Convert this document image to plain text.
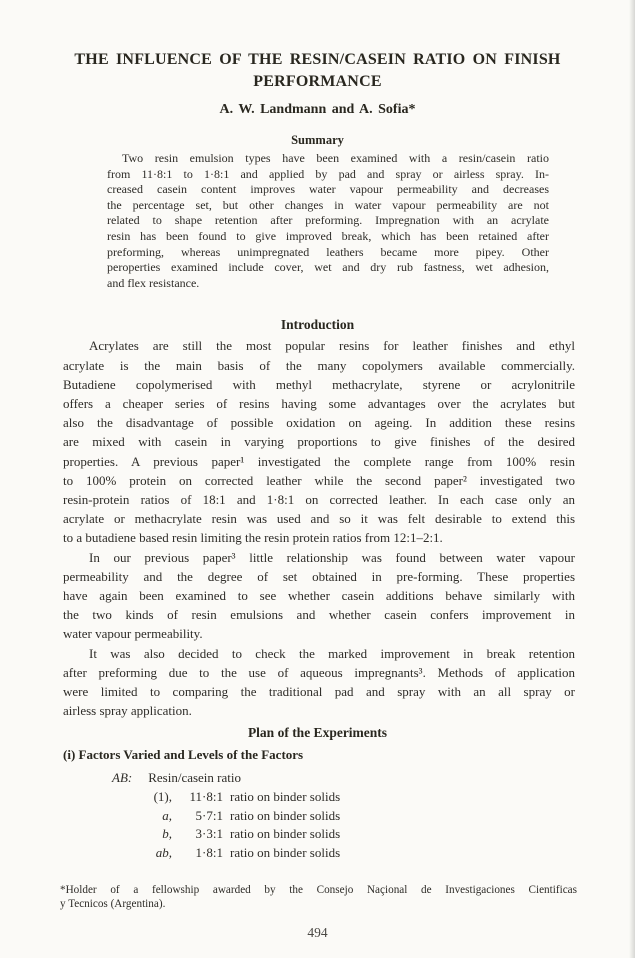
THE INFLUENCE OF THE RESIN/CASEIN RATIO ON FINISH
PERFORMANCE
A. W. Landmann and A. Sofia*
Summary
Two resin emulsion types have been examined with a resin/casein ratio
from 11·8:1 to 1·8:1 and applied by pad and spray or airless spray. In-
creased casein content improves water vapour permeability and decreases
the percentage set, but other changes in water vapour permeability are not
related to shape retention after preforming. Impregnation with an acrylate
resin has been found to give improved break, which has been retained after
preforming, whereas unimpregnated leathers became more pipey. Other
peroperties examined include cover, wet and dry rub fastness, wet adhesion,
and flex resistance.
Introduction
Acrylates are still the most popular resins for leather finishes and ethyl
acrylate is the main basis of the many copolymers available commercially.
Butadiene copolymerised with methyl methacrylate, styrene or acrylonitrile
offers a cheaper series of resins having some advantages over the acrylates but
also the disadvantage of possible oxidation on ageing. In addition these resins
are mixed with casein in varying proportions to give finishes of the desired
properties. A previous paper¹ investigated the complete range from 100% resin
to 100% protein on corrected leather while the second paper² investigated two
resin-protein ratios of 18:1 and 1·8:1 on corrected leather. In each case only an
acrylate or methacrylate resin was used and so it was felt desirable to extend this
to a butadiene based resin limiting the resin protein ratios from 12:1–2:1.
In our previous paper³ little relationship was found between water vapour
permeability and the degree of set obtained in pre-forming. These properties
have again been examined to see whether casein additions behave similarly with
the two kinds of resin emulsions and whether casein confers improvement in
water vapour permeability.
It was also decided to check the marked improvement in break retention
after preforming due to the use of aqueous impregnants³. Methods of application
were limited to comparing the traditional pad and spray with an all spray or
airless spray application.
Plan of the Experiments
(i) Factors Varied and Levels of the Factors
AB: Resin/casein ratio
(1),	11·8:1 ratio on binder solids
a,	5·7:1 ratio on binder solids
b,	3·3:1 ratio on binder solids
ab,	1·8:1 ratio on binder solids
*Holder of a fellowship awarded by the Consejo Naçional de Investigaciones Cientificas
y Tecnicos (Argentina).
494
